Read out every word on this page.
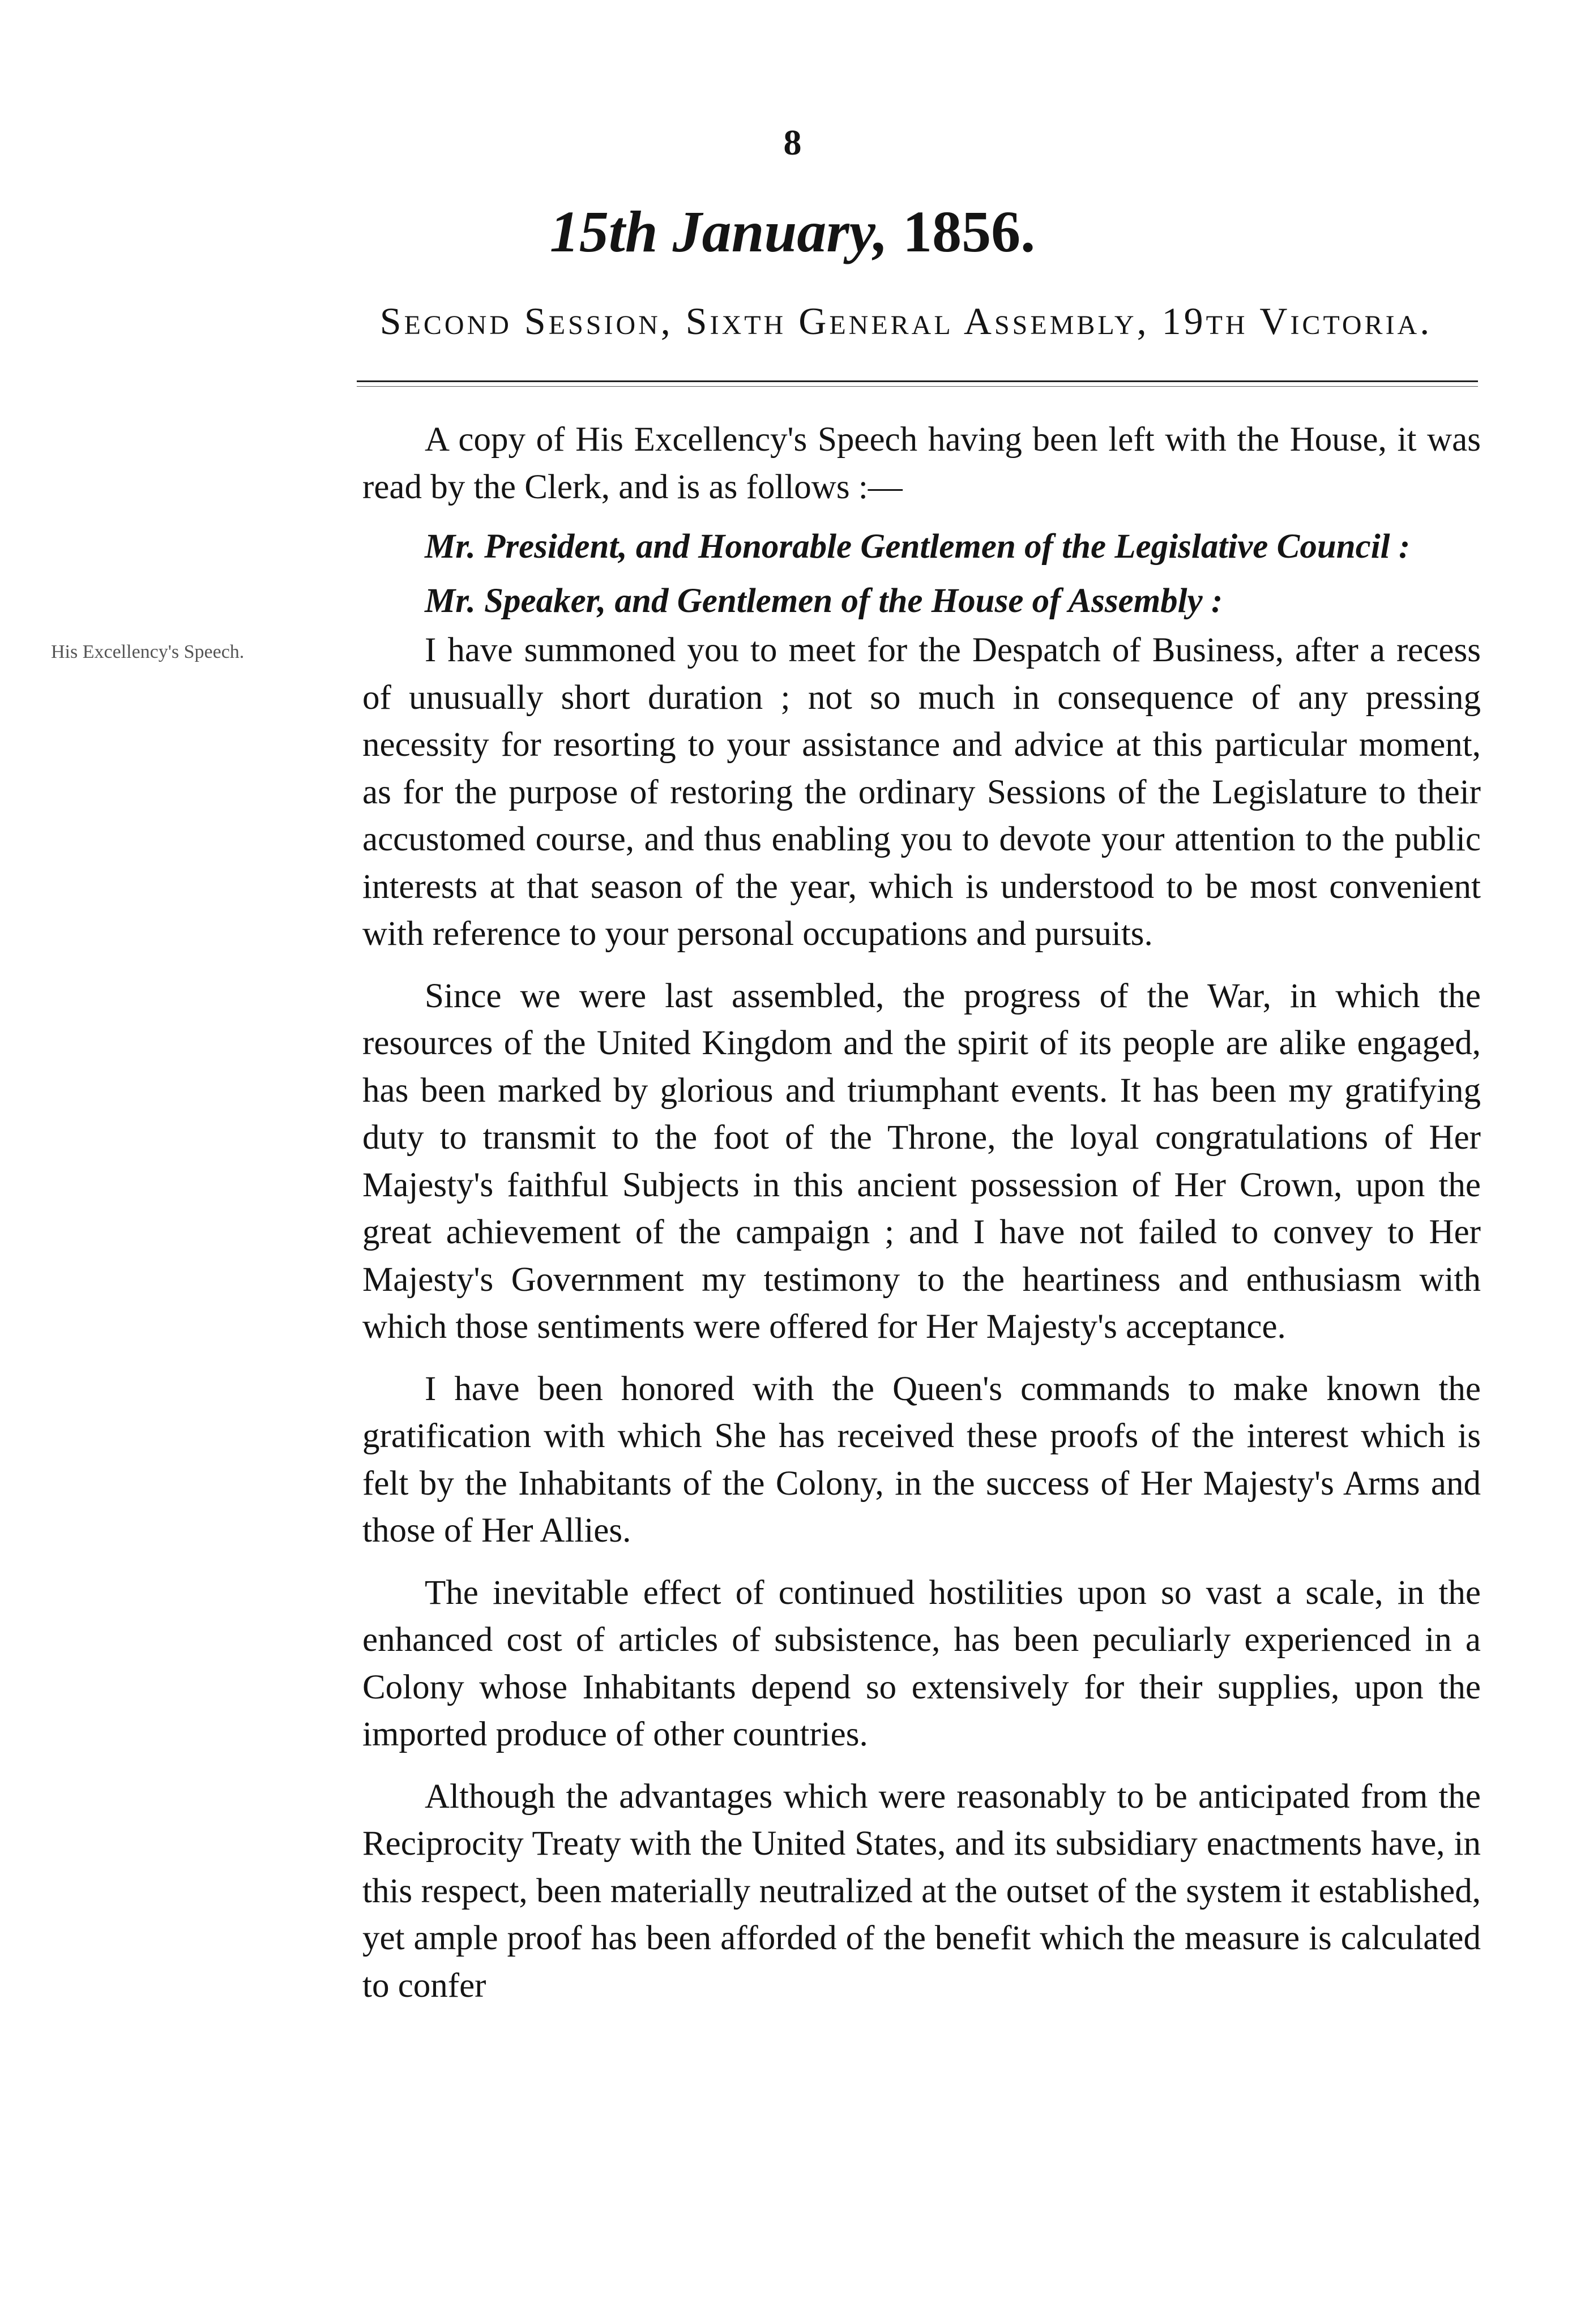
8
15th January, 1856.
Second Session, Sixth General Assembly, 19th Victoria.
His Excellency's Speech.

A copy of His Excellency's Speech having been left with the House, it was read by the Clerk, and is as follows :—

Mr. President, and Honorable Gentlemen of the Legislative Council :

Mr. Speaker, and Gentlemen of the House of Assembly :

I have summoned you to meet for the Despatch of Business, after a recess of unusually short duration ; not so much in consequence of any pressing necessity for resorting to your assistance and advice at this particular moment, as for the purpose of restoring the ordinary Sessions of the Legislature to their accustomed course, and thus enabling you to devote your attention to the public interests at that season of the year, which is understood to be most convenient with reference to your personal occupations and pursuits.

Since we were last assembled, the progress of the War, in which the resources of the United Kingdom and the spirit of its people are alike engaged, has been marked by glorious and triumphant events. It has been my gratifying duty to transmit to the foot of the Throne, the loyal congratulations of Her Majesty's faithful Subjects in this ancient possession of Her Crown, upon the great achievement of the campaign ; and I have not failed to convey to Her Majesty's Government my testimony to the heartiness and enthusiasm with which those sentiments were offered for Her Majesty's acceptance.

I have been honored with the Queen's commands to make known the gratification with which She has received these proofs of the interest which is felt by the Inhabitants of the Colony, in the success of Her Majesty's Arms and those of Her Allies.

The inevitable effect of continued hostilities upon so vast a scale, in the enhanced cost of articles of subsistence, has been peculiarly experienced in a Colony whose Inhabitants depend so extensively for their supplies, upon the imported produce of other countries.

Although the advantages which were reasonably to be anticipated from the Reciprocity Treaty with the United States, and its subsidiary enactments have, in this respect, been materially neutralized at the outset of the system it established, yet ample proof has been afforded of the benefit which the measure is calculated to confer
